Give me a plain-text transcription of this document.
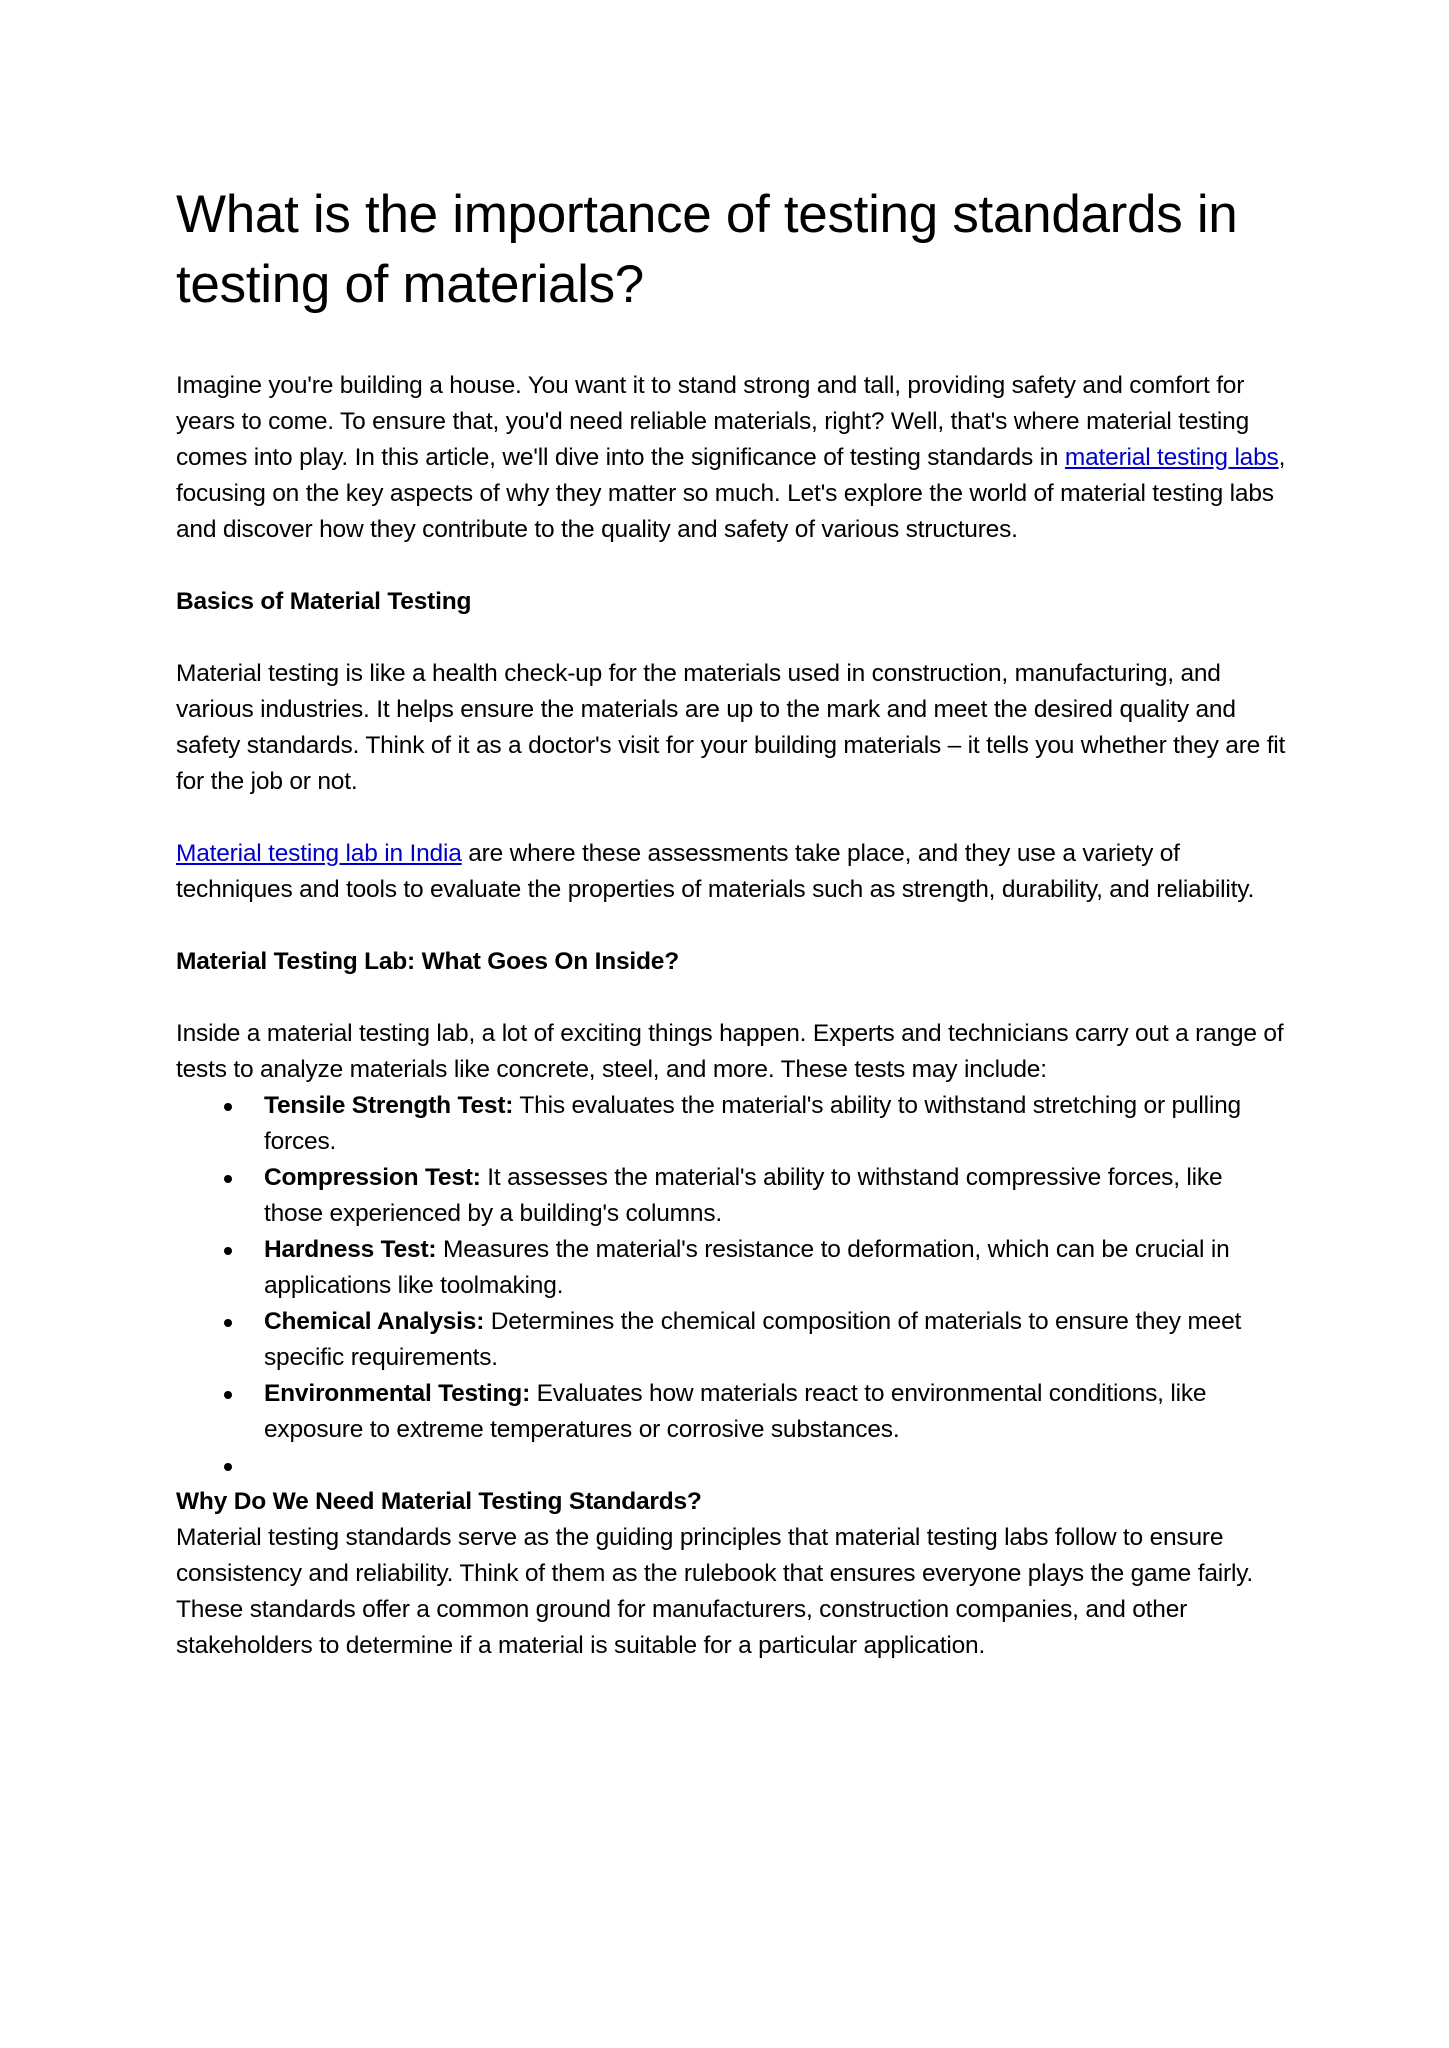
What is the importance of testing standards in testing of materials?

Imagine you're building a house. You want it to stand strong and tall, providing safety and comfort for years to come. To ensure that, you'd need reliable materials, right? Well, that's where material testing comes into play. In this article, we'll dive into the significance of testing standards in material testing labs, focusing on the key aspects of why they matter so much. Let's explore the world of material testing labs and discover how they contribute to the quality and safety of various structures.

Basics of Material Testing

Material testing is like a health check-up for the materials used in construction, manufacturing, and various industries. It helps ensure the materials are up to the mark and meet the desired quality and safety standards. Think of it as a doctor's visit for your building materials – it tells you whether they are fit for the job or not.

Material testing lab in India are where these assessments take place, and they use a variety of techniques and tools to evaluate the properties of materials such as strength, durability, and reliability.

Material Testing Lab: What Goes On Inside?

Inside a material testing lab, a lot of exciting things happen. Experts and technicians carry out a range of tests to analyze materials like concrete, steel, and more. These tests may include:

Tensile Strength Test: This evaluates the material's ability to withstand stretching or pulling forces.
Compression Test: It assesses the material's ability to withstand compressive forces, like those experienced by a building's columns.
Hardness Test: Measures the material's resistance to deformation, which can be crucial in applications like toolmaking.
Chemical Analysis: Determines the chemical composition of materials to ensure they meet specific requirements.
Environmental Testing: Evaluates how materials react to environmental conditions, like exposure to extreme temperatures or corrosive substances.
Why Do We Need Material Testing Standards?

Material testing standards serve as the guiding principles that material testing labs follow to ensure consistency and reliability. Think of them as the rulebook that ensures everyone plays the game fairly. These standards offer a common ground for manufacturers, construction companies, and other stakeholders to determine if a material is suitable for a particular application.
